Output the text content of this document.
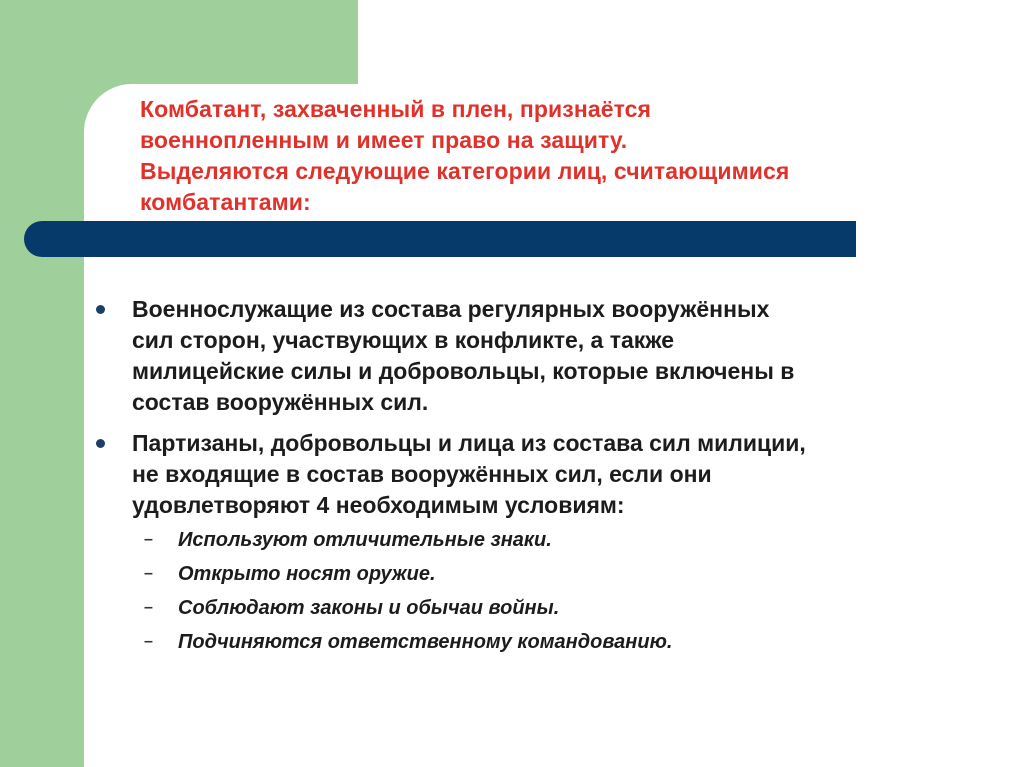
Комбатант, захваченный в плен, признаётся
военнопленным и имеет право на защиту.
Выделяются следующие категории лиц, считающимися
комбатантами:
Военнослужащие из состава регулярных вооружённых
сил сторон, участвующих в конфликте, а также
милицейские силы и добровольцы, которые включены в
состав вооружённых сил.
Партизаны, добровольцы и лица из состава сил милиции,
не входящие в состав вооружённых сил, если они
удовлетворяют 4 необходимым условиям:
– Используют отличительные знаки.
– Открыто носят оружие.
– Соблюдают законы и обычаи войны.
– Подчиняются ответственному командованию.
